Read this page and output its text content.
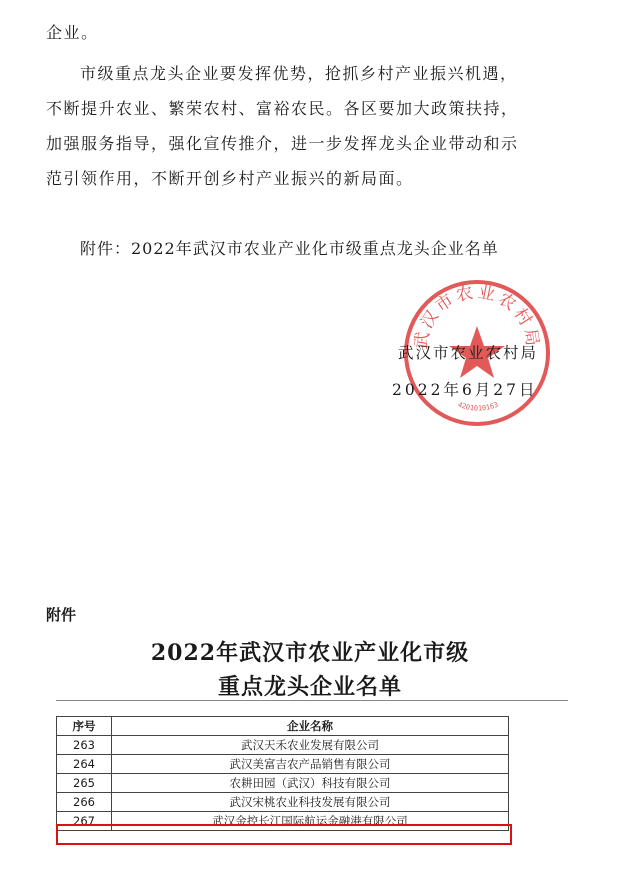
企业。
市级重点龙头企业要发挥优势，抢抓乡村产业振兴机遇，
不断提升农业、繁荣农村、富裕农民。各区要加大政策扶持，
加强服务指导，强化宣传推介，进一步发挥龙头企业带动和示
范引领作用，不断开创乡村产业振兴的新局面。
附件：2022年武汉市农业产业化市级重点龙头企业名单
武汉市农业农村局
4201010163
武汉市农业农村局
2022年6月27日
附件
2022年武汉市农业产业化市级
重点龙头企业名单
序号	企业名称
263	武汉天禾农业发展有限公司
264	武汉美富吉农产品销售有限公司
265	农耕田园（武汉）科技有限公司
266	武汉宋桃农业科技发展有限公司
267	武汉金控长江国际航运金融港有限公司
